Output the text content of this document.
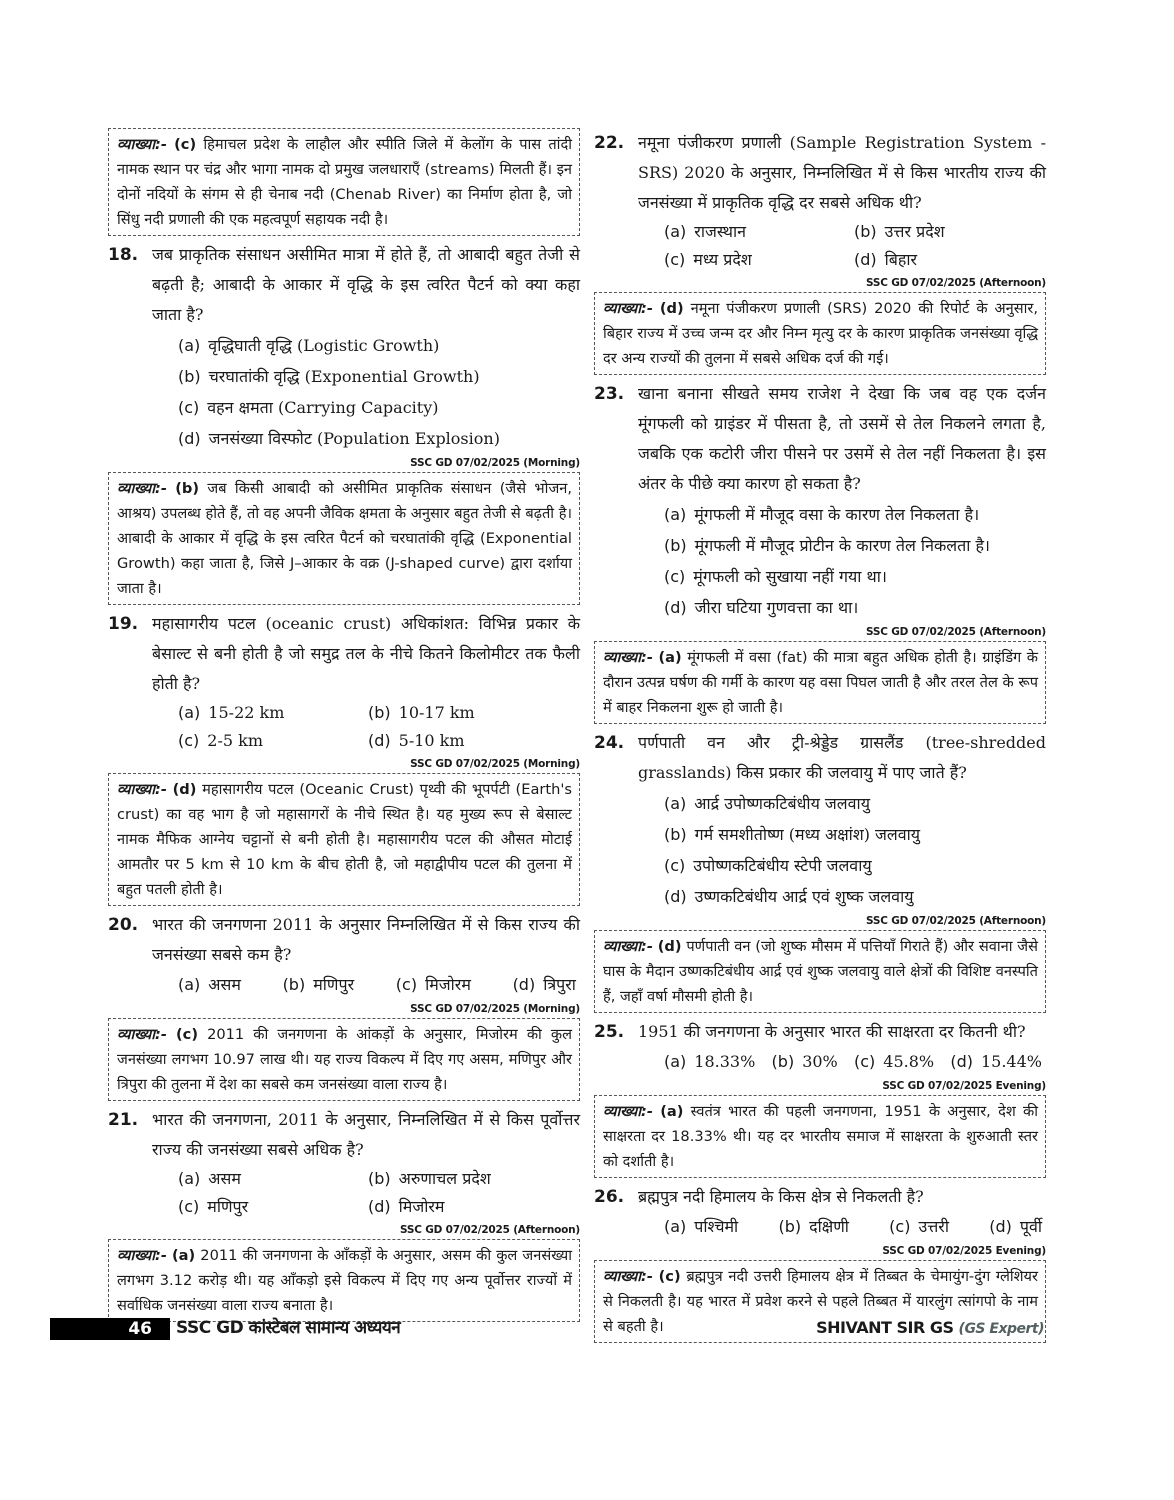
व्याख्या:- (c) हिमाचल प्रदेश के लाहौल और स्पीति जिले में केलोंग के पास तांदी नामक स्थान पर चंद्र और भागा नामक दो प्रमुख जलधाराएँ (streams) मिलती हैं। इन दोनों नदियों के संगम से ही चेनाब नदी (Chenab River) का निर्माण होता है, जो सिंधु नदी प्रणाली की एक महत्वपूर्ण सहायक नदी है।
18. जब प्राकृतिक संसाधन असीमित मात्रा में होते हैं, तो आबादी बहुत तेजी से बढ़ती है; आबादी के आकार में वृद्धि के इस त्वरित पैटर्न को क्या कहा जाता है?
(a) वृद्धिघाती वृद्धि (Logistic Growth)
(b) चरघातांकी वृद्धि (Exponential Growth)
(c) वहन क्षमता (Carrying Capacity)
(d) जनसंख्या विस्फोट (Population Explosion)
SSC GD 07/02/2025 (Morning)
व्याख्या:- (b) जब किसी आबादी को असीमित प्राकृतिक संसाधन (जैसे भोजन, आश्रय) उपलब्ध होते हैं, तो वह अपनी जैविक क्षमता के अनुसार बहुत तेजी से बढ़ती है। आबादी के आकार में वृद्धि के इस त्वरित पैटर्न को चरघातांकी वृद्धि (Exponential Growth) कहा जाता है, जिसे J–आकार के वक्र (J-shaped curve) द्वारा दर्शाया जाता है।
19. महासागरीय पटल (oceanic crust) अधिकांशत: विभिन्न प्रकार के बेसाल्ट से बनी होती है जो समुद्र तल के नीचे कितने किलोमीटर तक फैली होती है?
(a) 15-22 km	(b) 10-17 km
(c) 2-5 km	(d) 5-10 km
SSC GD 07/02/2025 (Morning)
व्याख्या:- (d) महासागरीय पटल (Oceanic Crust) पृथ्वी की भूपर्पटी (Earth's crust) का वह भाग है जो महासागरों के नीचे स्थित है। यह मुख्य रूप से बेसाल्ट नामक मैफिक आग्नेय चट्टानों से बनी होती है। महासागरीय पटल की औसत मोटाई आमतौर पर 5 km से 10 km के बीच होती है, जो महाद्वीपीय पटल की तुलना में बहुत पतली होती है।
20. भारत की जनगणना 2011 के अनुसार निम्नलिखित में से किस राज्य की जनसंख्या सबसे कम है?
(a) असम	(b) मणिपुर	(c) मिजोरम	(d) त्रिपुरा
SSC GD 07/02/2025 (Morning)
व्याख्या:- (c) 2011 की जनगणना के आंकड़ों के अनुसार, मिजोरम की कुल जनसंख्या लगभग 10.97 लाख थी। यह राज्य विकल्प में दिए गए असम, मणिपुर और त्रिपुरा की तुलना में देश का सबसे कम जनसंख्या वाला राज्य है।
21. भारत की जनगणना, 2011 के अनुसार, निम्नलिखित में से किस पूर्वोत्तर राज्य की जनसंख्या सबसे अधिक है?
(a) असम	(b) अरुणाचल प्रदेश
(c) मणिपुर	(d) मिजोरम
SSC GD 07/02/2025 (Afternoon)
व्याख्या:- (a) 2011 की जनगणना के आँकड़ों के अनुसार, असम की कुल जनसंख्या लगभग 3.12 करोड़ थी। यह आँकड़ो इसे विकल्प में दिए गए अन्य पूर्वोत्तर राज्यों में सर्वाधिक जनसंख्या वाला राज्य बनाता है।
22. नमूना पंजीकरण प्रणाली (Sample Registration System - SRS) 2020 के अनुसार, निम्नलिखित में से किस भारतीय राज्य की जनसंख्या में प्राकृतिक वृद्धि दर सबसे अधिक थी?
(a) राजस्थान	(b) उत्तर प्रदेश
(c) मध्य प्रदेश	(d) बिहार
SSC GD 07/02/2025 (Afternoon)
व्याख्या:- (d) नमूना पंजीकरण प्रणाली (SRS) 2020 की रिपोर्ट के अनुसार, बिहार राज्य में उच्च जन्म दर और निम्न मृत्यु दर के कारण प्राकृतिक जनसंख्या वृद्धि दर अन्य राज्यों की तुलना में सबसे अधिक दर्ज की गई।
23. खाना बनाना सीखते समय राजेश ने देखा कि जब वह एक दर्जन मूंगफली को ग्राइंडर में पीसता है, तो उसमें से तेल निकलने लगता है, जबकि एक कटोरी जीरा पीसने पर उसमें से तेल नहीं निकलता है। इस अंतर के पीछे क्या कारण हो सकता है?
(a) मूंगफली में मौजूद वसा के कारण तेल निकलता है।
(b) मूंगफली में मौजूद प्रोटीन के कारण तेल निकलता है।
(c) मूंगफली को सुखाया नहीं गया था।
(d) जीरा घटिया गुणवत्ता का था।
SSC GD 07/02/2025 (Afternoon)
व्याख्या:- (a) मूंगफली में वसा (fat) की मात्रा बहुत अधिक होती है। ग्राइंडिंग के दौरान उत्पन्न घर्षण की गर्मी के कारण यह वसा पिघल जाती है और तरल तेल के रूप में बाहर निकलना शुरू हो जाती है।
24. पर्णपाती वन और ट्री-श्रेड्डेड ग्रासलैंड (tree-shredded grasslands) किस प्रकार की जलवायु में पाए जाते हैं?
(a) आर्द्र उपोष्णकटिबंधीय जलवायु
(b) गर्म समशीतोष्ण (मध्य अक्षांश) जलवायु
(c) उपोष्णकटिबंधीय स्टेपी जलवायु
(d) उष्णकटिबंधीय आर्द्र एवं शुष्क जलवायु
SSC GD 07/02/2025 (Afternoon)
व्याख्या:- (d) पर्णपाती वन (जो शुष्क मौसम में पत्तियाँ गिराते हैं) और सवाना जैसे घास के मैदान उष्णकटिबंधीय आर्द्र एवं शुष्क जलवायु वाले क्षेत्रों की विशिष्ट वनस्पति हैं, जहाँ वर्षा मौसमी होती है।
25. 1951 की जनगणना के अनुसार भारत की साक्षरता दर कितनी थी?
(a) 18.33% (b) 30% (c) 45.8% (d) 15.44%
SSC GD 07/02/2025 Evening)
व्याख्या:- (a) स्वतंत्र भारत की पहली जनगणना, 1951 के अनुसार, देश की साक्षरता दर 18.33% थी। यह दर भारतीय समाज में साक्षरता के शुरुआती स्तर को दर्शाती है।
26. ब्रह्मपुत्र नदी हिमालय के किस क्षेत्र से निकलती है?
(a) पश्चिमी	(b) दक्षिणी	(c) उत्तरी	(d) पूर्वी
SSC GD 07/02/2025 Evening)
व्याख्या:- (c) ब्रह्मपुत्र नदी उत्तरी हिमालय क्षेत्र में तिब्बत के चेमायुंग-दुंग ग्लेशियर से निकलती है। यह भारत में प्रवेश करने से पहले तिब्बत में यारलुंग त्सांगपो के नाम से बहती है।
46	SSC GD कांस्टेबल सामान्य अध्ययन	SHIVANT SIR GS (GS Expert)
